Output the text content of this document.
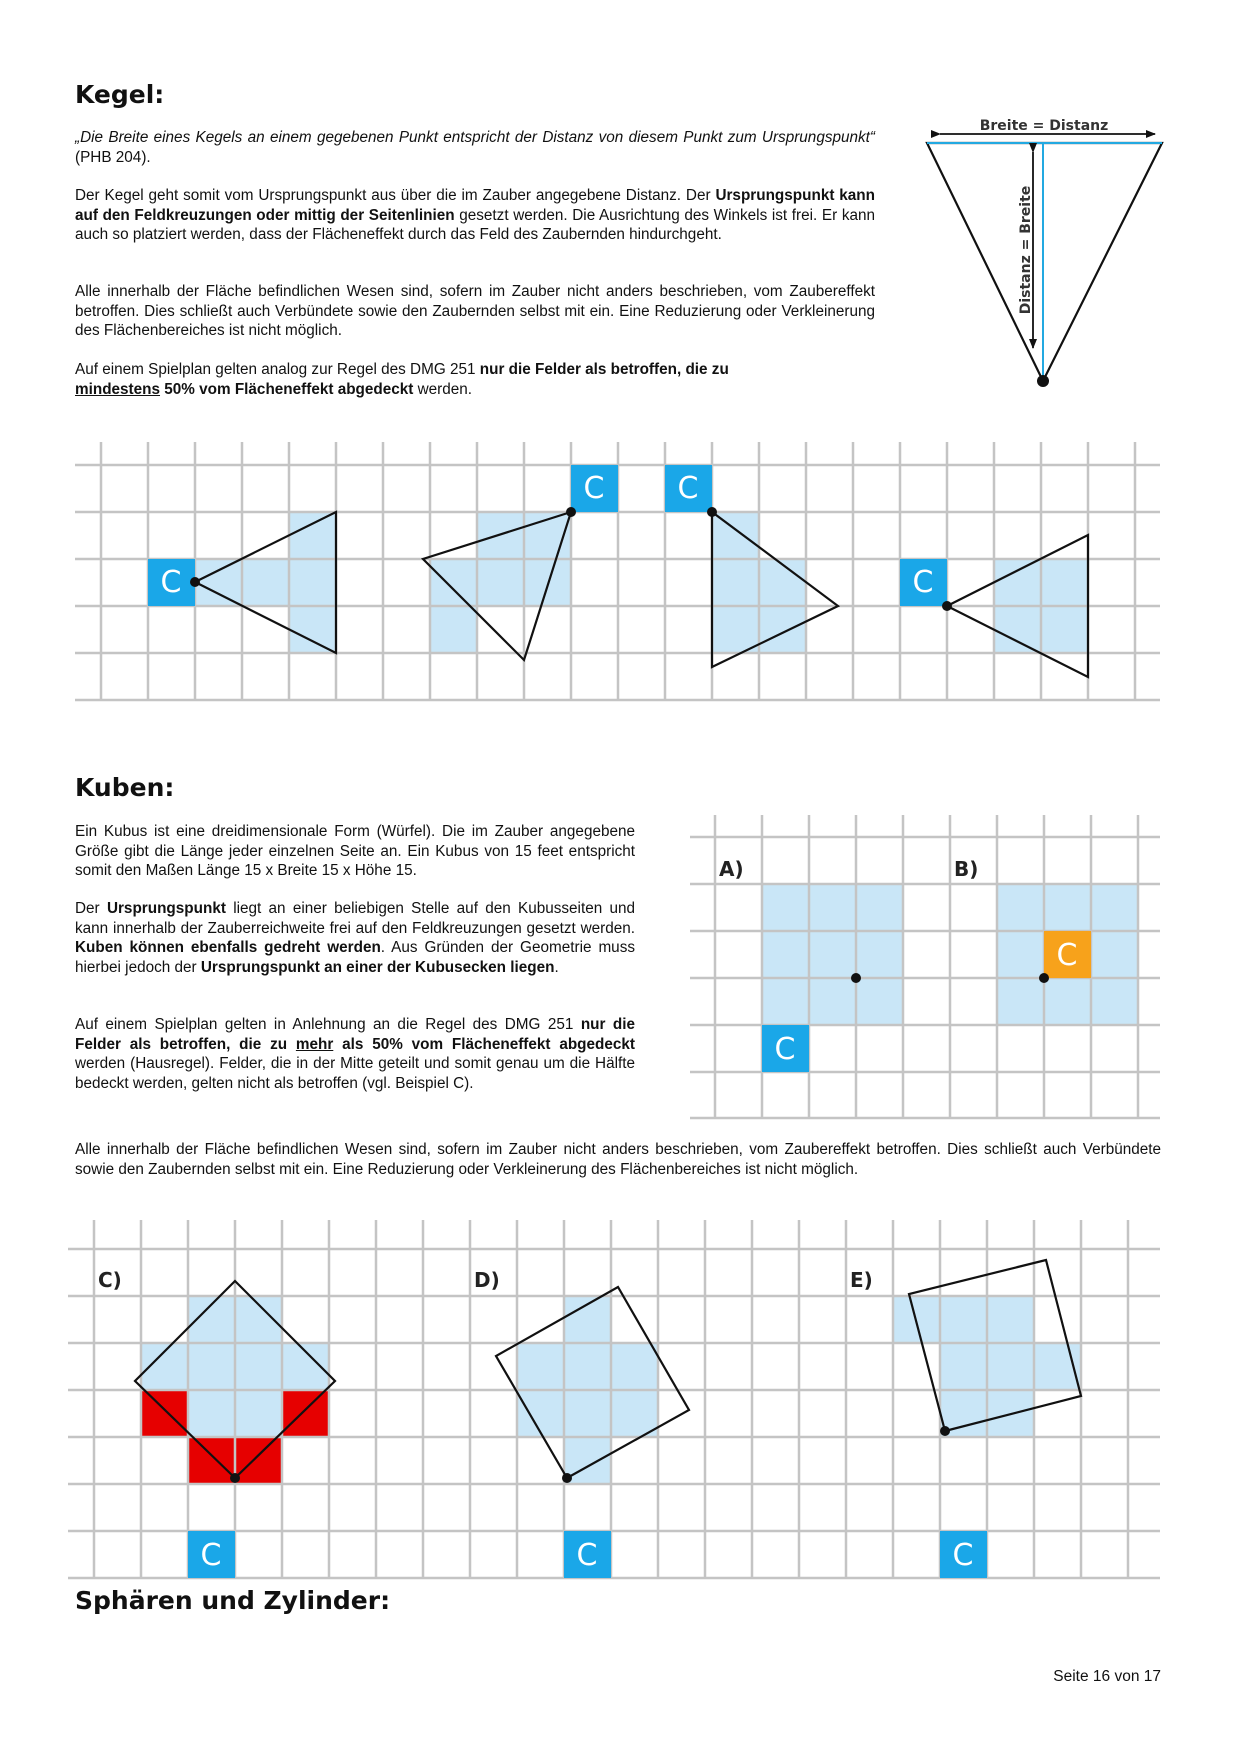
Kegel:

„Die Breite eines Kegels an einem gegebenen Punkt entspricht der Distanz von diesem Punkt zum Ursprungspunkt“ (PHB 204).

Der Kegel geht somit vom Ursprungspunkt aus über die im Zauber angegebene Distanz. Der Ursprungspunkt kann auf den Feldkreuzungen oder mittig der Seitenlinien gesetzt werden. Die Ausrichtung des Winkels ist frei. Er kann auch so platziert werden, dass der Flächeneffekt durch das Feld des Zaubernden hindurchgeht.

Alle innerhalb der Fläche befindlichen Wesen sind, sofern im Zauber nicht anders beschrieben, vom Zaubereffekt betroffen. Dies schließt auch Verbündete sowie den Zaubernden selbst mit ein. Eine Reduzierung oder Verkleinerung des Flächenbereiches ist nicht möglich.

Auf einem Spielplan gelten analog zur Regel des DMG 251 nur die Felder als betroffen, die zu
mindestens 50% vom Flächeneffekt abgedeckt werden.

Breite = Distanz
Distanz = Breite
C
C C
C
Kuben:

Ein Kubus ist eine dreidimensionale Form (Würfel). Die im Zauber angegebene Größe gibt die Länge jeder einzelnen Seite an. Ein Kubus von 15 feet entspricht somit den Maßen Länge 15 x Breite 15 x Höhe 15.

Der Ursprungspunkt liegt an einer beliebigen Stelle auf den Kubusseiten und kann innerhalb der Zauberreichweite frei auf den Feldkreuzungen gesetzt werden. Kuben können ebenfalls gedreht werden. Aus Gründen der Geometrie muss hierbei jedoch der Ursprungspunkt an einer der Kubusecken liegen.

Auf einem Spielplan gelten in Anlehnung an die Regel des DMG 251 nur die Felder als betroffen, die zu mehr als 50% vom Flächeneffekt abgedeckt werden (Hausregel). Felder, die in der Mitte geteilt und somit genau um die Hälfte bedeckt werden, gelten nicht als betroffen (vgl. Beispiel C).

A)	B)
C
C

Alle innerhalb der Fläche befindlichen Wesen sind, sofern im Zauber nicht anders beschrieben, vom Zaubereffekt betroffen. Dies schließt auch Verbündete sowie den Zaubernden selbst mit ein. Eine Reduzierung oder Verkleinerung des Flächenbereiches ist nicht möglich.

C)	D)	E)
C	C	C
Sphären und Zylinder:
Seite 16 von 17
